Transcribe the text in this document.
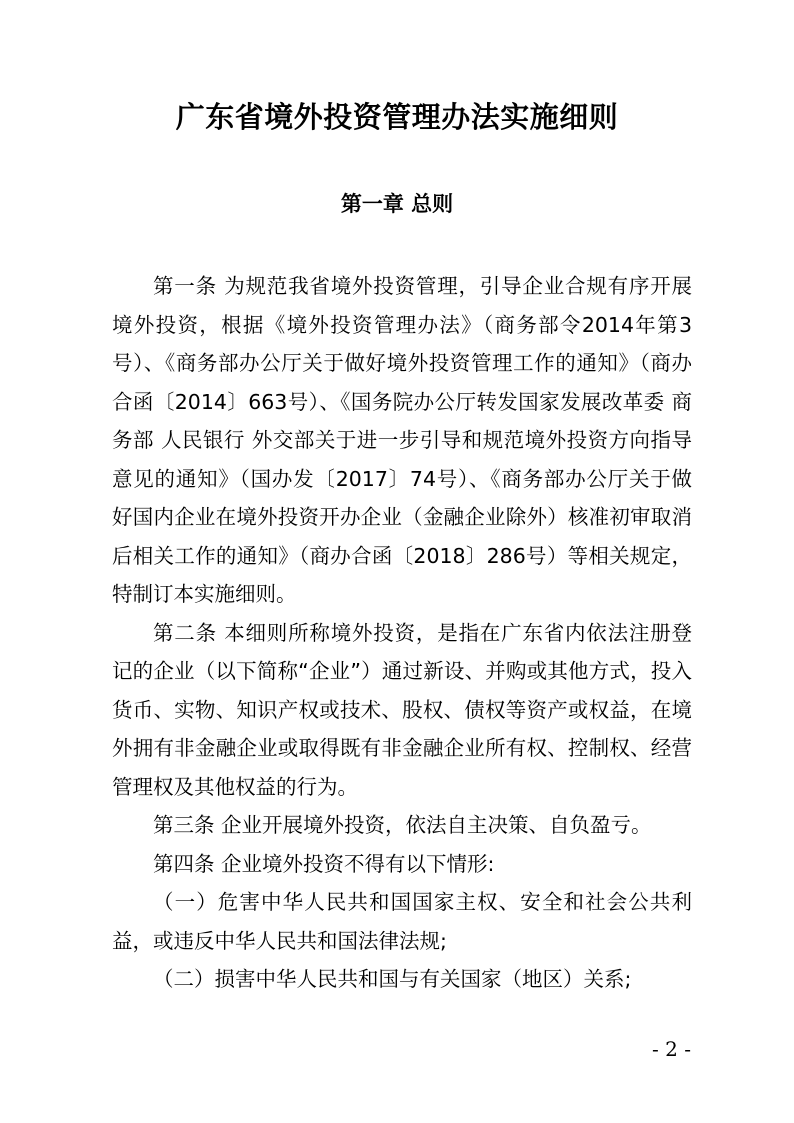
广东省境外投资管理办法实施细则
第一章 总则

第一条 为规范我省境外投资管理，引导企业合规有序开展境外投资，根据《境外投资管理办法》（商务部令2014年第3号）、《商务部办公厅关于做好境外投资管理工作的通知》（商办合函〔2014〕663号）、《国务院办公厅转发国家发展改革委 商务部 人民银行 外交部关于进一步引导和规范境外投资方向指导意见的通知》（国办发〔2017〕74号）、《商务部办公厅关于做好国内企业在境外投资开办企业（金融企业除外）核准初审取消后相关工作的通知》（商办合函〔2018〕286号）等相关规定，特制订本实施细则。

第二条 本细则所称境外投资，是指在广东省内依法注册登记的企业（以下简称“企业”）通过新设、并购或其他方式，投入货币、实物、知识产权或技术、股权、债权等资产或权益，在境外拥有非金融企业或取得既有非金融企业所有权、控制权、经营管理权及其他权益的行为。

第三条 企业开展境外投资，依法自主决策、自负盈亏。

第四条 企业境外投资不得有以下情形:

（一）危害中华人民共和国国家主权、安全和社会公共利益，或违反中华人民共和国法律法规;

（二）损害中华人民共和国与有关国家（地区）关系;

- 2 -
